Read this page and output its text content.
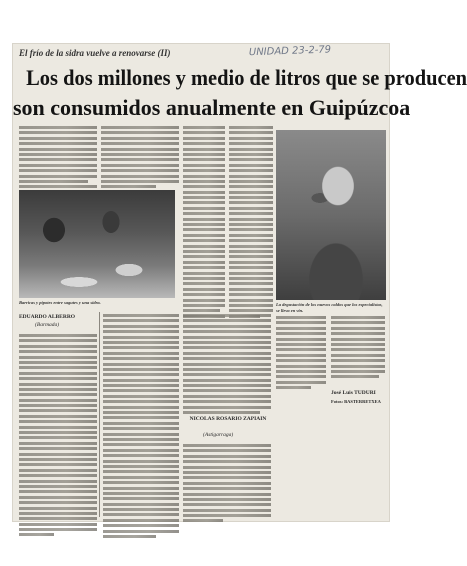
El frío de la sidra vuelve a renovarse (II)	UNIDAD 23-2-79
Los dos millones y medio de litros que se producen
son consumidos anualmente en Guipúzcoa
Barricas y pipotes entre sagutes y una sidra.	La degustación de los nuevos caldos que los especialistas, se lleva en vin.
EDUARDO ALBERRO
(Barmada)
NICOLAS ROSARIO ZAPIAIN
(Astigarraga)
José Luis TUDURI
Fotos: BASTERRETXEA
